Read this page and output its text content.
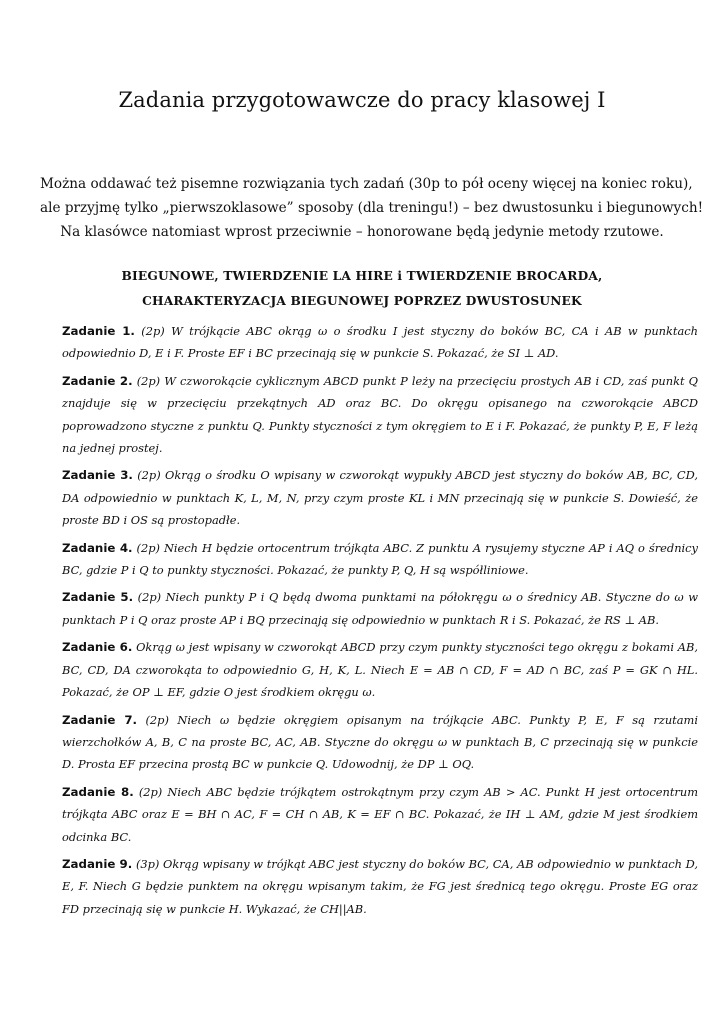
Zadania przygotowawcze do pracy klasowej I

Można oddawać też pisemne rozwiązania tych zadań (30p to pół oceny więcej na koniec roku),

ale przyjmę tylko „pierwszoklasowe” sposoby (dla treningu!) – bez dwustosunku i biegunowych!

Na klasówce natomiast wprost przeciwnie – honorowane będą jedynie metody rzutowe.

BIEGUNOWE, TWIERDZENIE LA HIRE i TWIERDZENIE BROCARDA,

CHARAKTERYZACJA BIEGUNOWEJ POPRZEZ DWUSTOSUNEK

Zadanie 1. (2p) W trójkącie ABC okrąg ω o środku I jest styczny do boków BC, CA i AB w punktach odpowiednio D, E i F. Proste EF i BC przecinają się w punkcie S. Pokazać, że SI ⊥ AD.

Zadanie 2. (2p) W czworokącie cyklicznym ABCD punkt P leży na przecięciu prostych AB i CD, zaś punkt Q znajduje się w przecięciu przekątnych AD oraz BC. Do okręgu opisanego na czworokącie ABCD poprowadzono styczne z punktu Q. Punkty styczności z tym okręgiem to E i F. Pokazać, że punkty P, E, F leżą na jednej prostej.

Zadanie 3. (2p) Okrąg o środku O wpisany w czworokąt wypukły ABCD jest styczny do boków AB, BC, CD, DA odpowiednio w punktach K, L, M, N, przy czym proste KL i MN przecinają się w punkcie S. Dowieść, że proste BD i OS są prostopadłe.

Zadanie 4. (2p) Niech H będzie ortocentrum trójkąta ABC. Z punktu A rysujemy styczne AP i AQ o średnicy BC, gdzie P i Q to punkty styczności. Pokazać, że punkty P, Q, H są współliniowe.

Zadanie 5. (2p) Niech punkty P i Q będą dwoma punktami na półokręgu ω o średnicy AB. Styczne do ω w punktach P i Q oraz proste AP i BQ przecinają się odpowiednio w punktach R i S. Pokazać, że RS ⊥ AB.

Zadanie 6. Okrąg ω jest wpisany w czworokąt ABCD przy czym punkty styczności tego okręgu z bokami AB, BC, CD, DA czworokąta to odpowiednio G, H, K, L. Niech E = AB ∩ CD, F = AD ∩ BC, zaś P = GK ∩ HL. Pokazać, że OP ⊥ EF, gdzie O jest środkiem okręgu ω.

Zadanie 7. (2p) Niech ω będzie okręgiem opisanym na trójkącie ABC. Punkty P, E, F są rzutami wierzchołków A, B, C na proste BC, AC, AB. Styczne do okręgu ω w punktach B, C przecinają się w punkcie D. Prosta EF przecina prostą BC w punkcie Q. Udowodnij, że DP ⊥ OQ.

Zadanie 8. (2p) Niech ABC będzie trójkątem ostrokątnym przy czym AB > AC. Punkt H jest ortocentrum trójkąta ABC oraz E = BH ∩ AC, F = CH ∩ AB, K = EF ∩ BC. Pokazać, że IH ⊥ AM, gdzie M jest środkiem odcinka BC.

Zadanie 9. (3p) Okrąg wpisany w trójkąt ABC jest styczny do boków BC, CA, AB odpowiednio w punktach D, E, F. Niech G będzie punktem na okręgu wpisanym takim, że FG jest średnicą tego okręgu. Proste EG oraz FD przecinają się w punkcie H. Wykazać, że CH||AB.
